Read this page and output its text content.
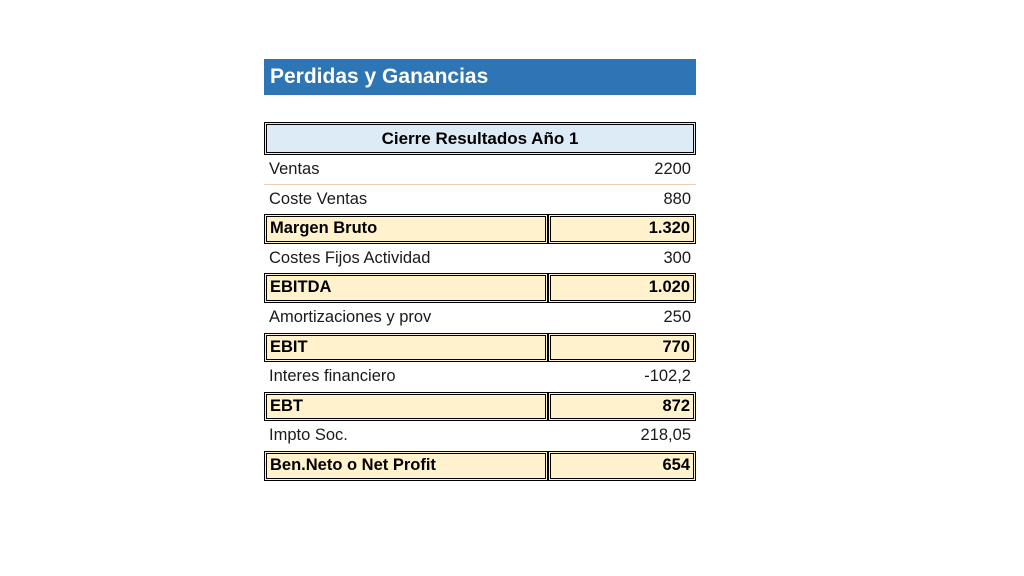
Perdidas y Ganancias
Cierre Resultados Año 1
Ventas	2200
Coste Ventas	880
Margen Bruto	1.320
Costes Fijos Actividad	300
EBITDA	1.020
Amortizaciones y prov	250
EBIT	770
Interes financiero	-102,2
EBT	872
Impto Soc.	218,05
Ben.Neto o Net Profit	654
